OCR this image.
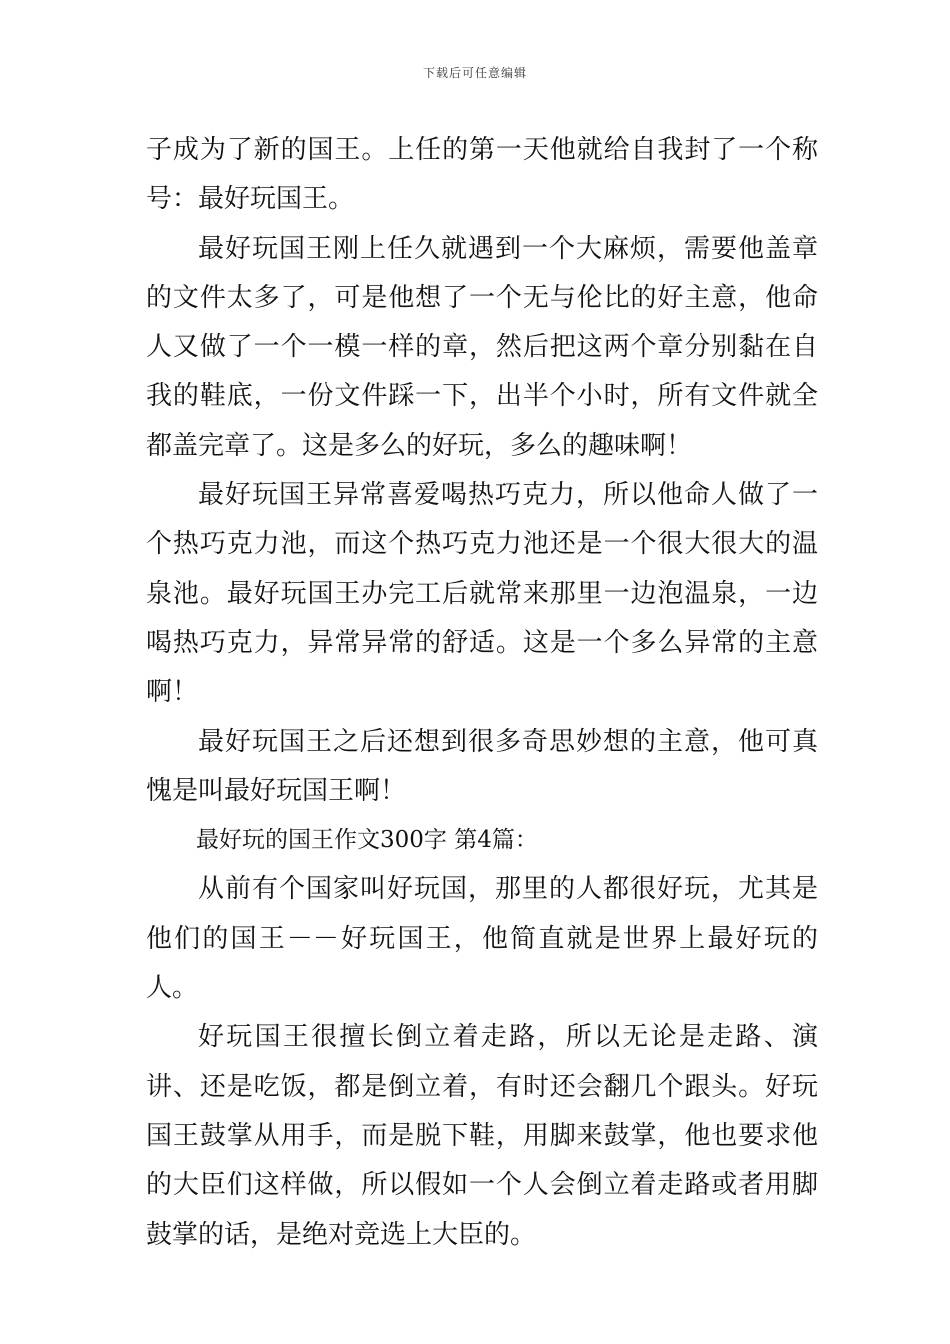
下载后可任意编辑

子成为了新的国王。上任的第一天他就给自我封了一个称号：最好玩国王。

最好玩国王刚上任久就遇到一个大麻烦，需要他盖章的文件太多了，可是他想了一个无与伦比的好主意，他命人又做了一个一模一样的章，然后把这两个章分别黏在自我的鞋底，一份文件踩一下，出半个小时，所有文件就全都盖完章了。这是多么的好玩，多么的趣味啊！

最好玩国王异常喜爱喝热巧克力，所以他命人做了一个热巧克力池，而这个热巧克力池还是一个很大很大的温泉池。最好玩国王办完工后就常来那里一边泡温泉，一边喝热巧克力，异常异常的舒适。这是一个多么异常的主意啊！

最好玩国王之后还想到很多奇思妙想的主意，他可真愧是叫最好玩国王啊！

最好玩的国王作文300字 第4篇：

从前有个国家叫好玩国，那里的人都很好玩，尤其是他们的国王－－好玩国王，他简直就是世界上最好玩的人。

好玩国王很擅长倒立着走路，所以无论是走路、演讲、还是吃饭，都是倒立着，有时还会翻几个跟头。好玩国王鼓掌从用手，而是脱下鞋，用脚来鼓掌，他也要求他的大臣们这样做，所以假如一个人会倒立着走路或者用脚鼓掌的话，是绝对竞选上大臣的。
